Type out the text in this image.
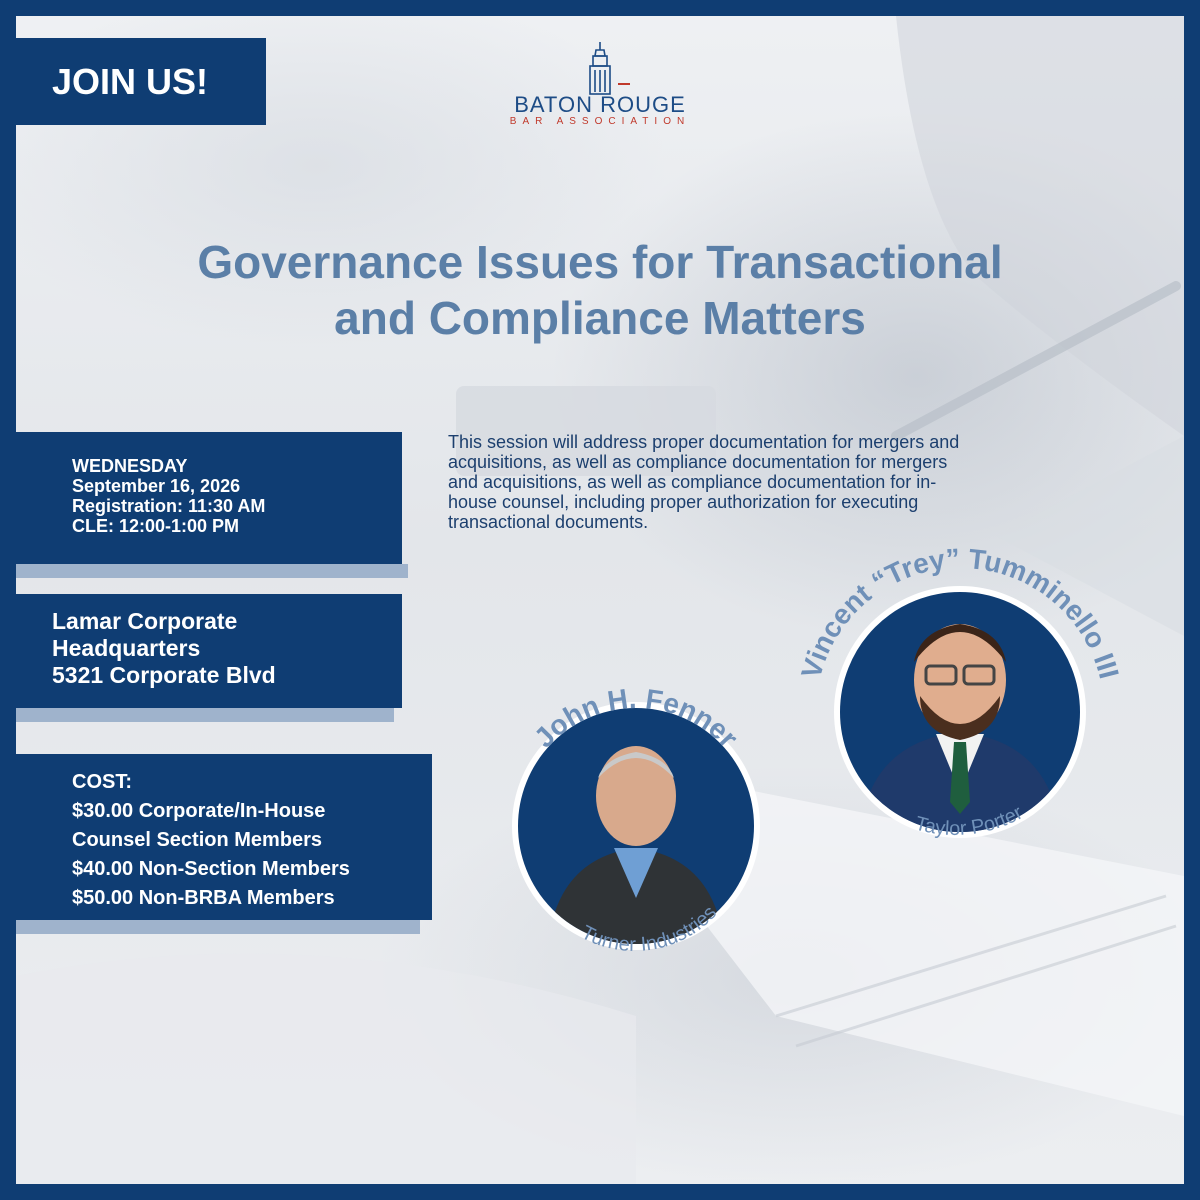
JOIN US!
BATON ROUGE
BAR ASSOCIATION
Governance Issues for Transactional
and Compliance Matters
WEDNESDAY
September 16, 2026
Registration: 11:30 AM
CLE: 12:00-1:00 PM
Lamar Corporate
Headquarters
5321 Corporate Blvd
COST:
$30.00 Corporate/In-House
Counsel Section Members
$40.00 Non-Section Members
$50.00 Non-BRBA Members
This session will address proper documentation for mergers and
acquisitions, as well as compliance documentation for mergers
and acquisitions, as well as compliance documentation for in-
house counsel, including proper authorization for executing
transactional documents.
John H. Fenner
Turner Industries
Vincent “Trey” Tumminello III
Taylor Porter
